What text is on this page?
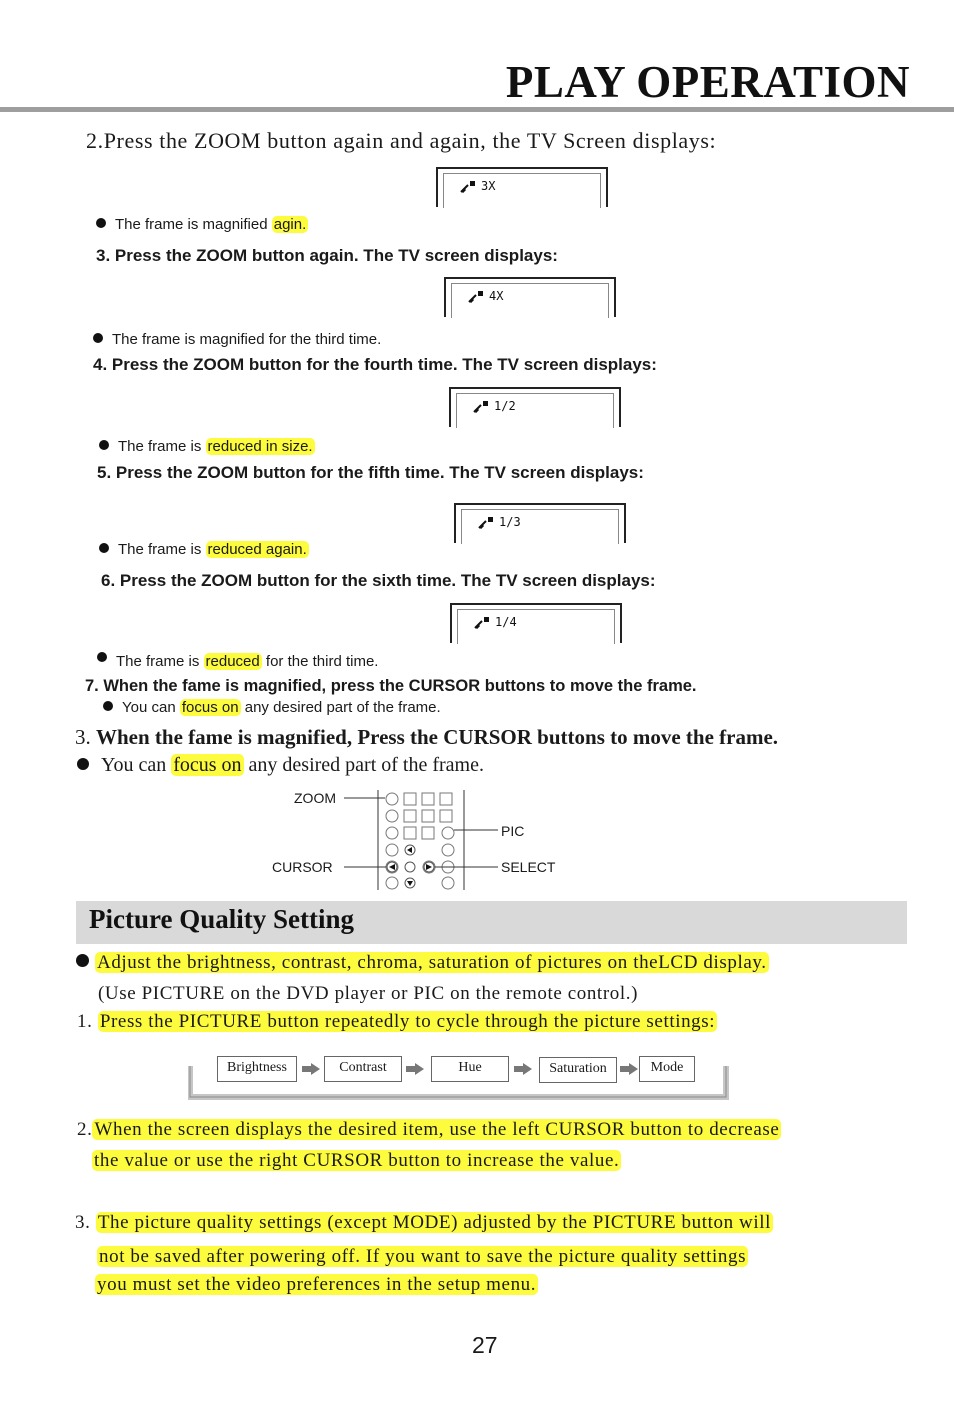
PLAY OPERATION
2.Press the ZOOM button again and again, the TV Screen displays:
3X
The frame is magnified agin.
3. Press the ZOOM button again. The TV screen displays:
4X
The frame is magnified for the third time.
4. Press the ZOOM button for the fourth time. The TV screen displays:
1/2
The frame is reduced in size.
5. Press the ZOOM button for the fifth time. The TV screen displays:
1/3
The frame is reduced again.
6. Press the ZOOM button for the sixth time. The TV screen displays:
1/4
The frame is reduced for the third time.
7. When the fame is magnified, press the CURSOR buttons to move the frame.
You can focus on any desired part of the frame.
3. When the fame is magnified, Press the CURSOR buttons to move the frame.
You can focus on any desired part of the frame.
ZOOM
CURSOR
PIC
SELECT
Picture Quality Setting
Adjust the brightness, contrast, chroma, saturation of pictures on theLCD display.
(Use PICTURE on the DVD player or PIC on the remote control.)
1. Press the PICTURE button repeatedly to cycle through the picture settings:
Brightness	Contrast	Hue	Saturation	Mode
2. When the screen displays the desired item, use the left CURSOR button to decrease
the value or use the right CURSOR button to increase the value.
3. The picture quality settings (except MODE) adjusted by the PICTURE button will
not be saved after powering off. If you want to save the picture quality settings
you must set the video preferences in the setup menu.
27
